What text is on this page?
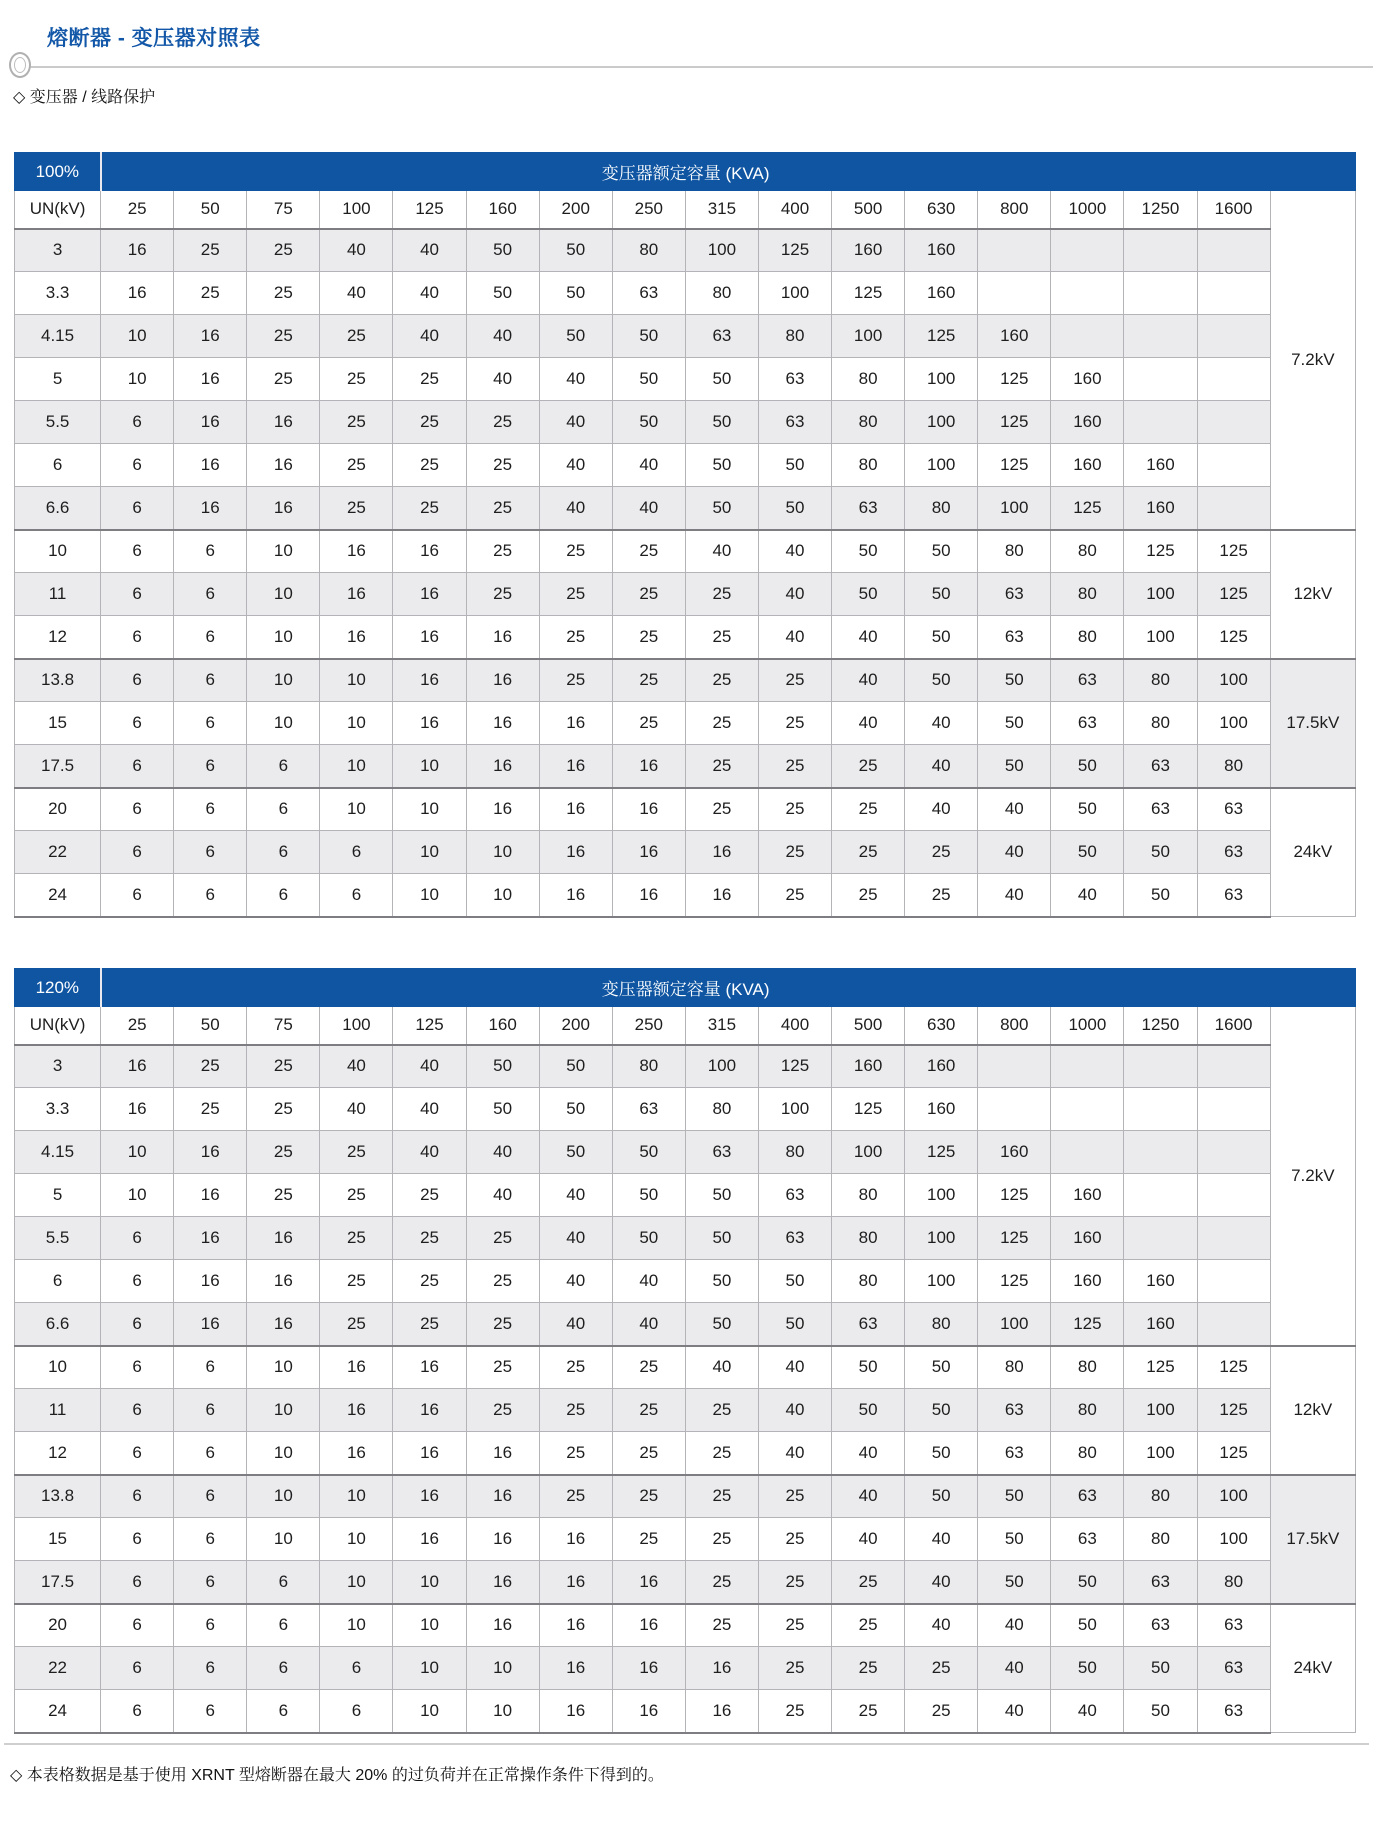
熔断器 - 变压器对照表

◇ 变压器 / 线路保护

100%	变压器额定容量 (KVA)																
UN(kV)	25	50	75	100	125	160	200	250	315	400	500	630	800	1000	1250	1600	7.2kV
3	16	25	25	40	40	50	50	80	100	125	160	160					
3.3	16	25	25	40	40	50	50	63	80	100	125	160					
4.15	10	16	25	25	40	40	50	50	63	80	100	125	160				
5	10	16	25	25	25	40	40	50	50	63	80	100	125	160			
5.5	6	16	16	25	25	25	40	50	50	63	80	100	125	160			
6	6	16	16	25	25	25	40	40	50	50	80	100	125	160	160		
6.6	6	16	16	25	25	25	40	40	50	50	63	80	100	125	160		
10	6	6	10	16	16	25	25	25	40	40	50	50	80	80	125	125	12kV
11	6	6	10	16	16	25	25	25	25	40	50	50	63	80	100	125	
12	6	6	10	16	16	16	25	25	25	40	40	50	63	80	100	125	
13.8	6	6	10	10	16	16	25	25	25	25	40	50	50	63	80	100	17.5kV
15	6	6	10	10	16	16	16	25	25	25	40	40	50	63	80	100	
17.5	6	6	6	10	10	16	16	16	25	25	25	40	50	50	63	80	
20	6	6	6	10	10	16	16	16	25	25	25	40	40	50	63	63	24kV
22	6	6	6	6	10	10	16	16	16	25	25	25	40	50	50	63	
24	6	6	6	6	10	10	16	16	16	25	25	25	40	40	50	63	
120%	变压器额定容量 (KVA)																
UN(kV)	25	50	75	100	125	160	200	250	315	400	500	630	800	1000	1250	1600	7.2kV
3	16	25	25	40	40	50	50	80	100	125	160	160					
3.3	16	25	25	40	40	50	50	63	80	100	125	160					
4.15	10	16	25	25	40	40	50	50	63	80	100	125	160				
5	10	16	25	25	25	40	40	50	50	63	80	100	125	160			
5.5	6	16	16	25	25	25	40	50	50	63	80	100	125	160			
6	6	16	16	25	25	25	40	40	50	50	80	100	125	160	160		
6.6	6	16	16	25	25	25	40	40	50	50	63	80	100	125	160		
10	6	6	10	16	16	25	25	25	40	40	50	50	80	80	125	125	12kV
11	6	6	10	16	16	25	25	25	25	40	50	50	63	80	100	125	
12	6	6	10	16	16	16	25	25	25	40	40	50	63	80	100	125	
13.8	6	6	10	10	16	16	25	25	25	25	40	50	50	63	80	100	17.5kV
15	6	6	10	10	16	16	16	25	25	25	40	40	50	63	80	100	
17.5	6	6	6	10	10	16	16	16	25	25	25	40	50	50	63	80	
20	6	6	6	10	10	16	16	16	25	25	25	40	40	50	63	63	24kV
22	6	6	6	6	10	10	16	16	16	25	25	25	40	50	50	63	
24	6	6	6	6	10	10	16	16	16	25	25	25	40	40	50	63	

◇ 本表格数据是基于使用 XRNT 型熔断器在最大 20% 的过负荷并在正常操作条件下得到的。
